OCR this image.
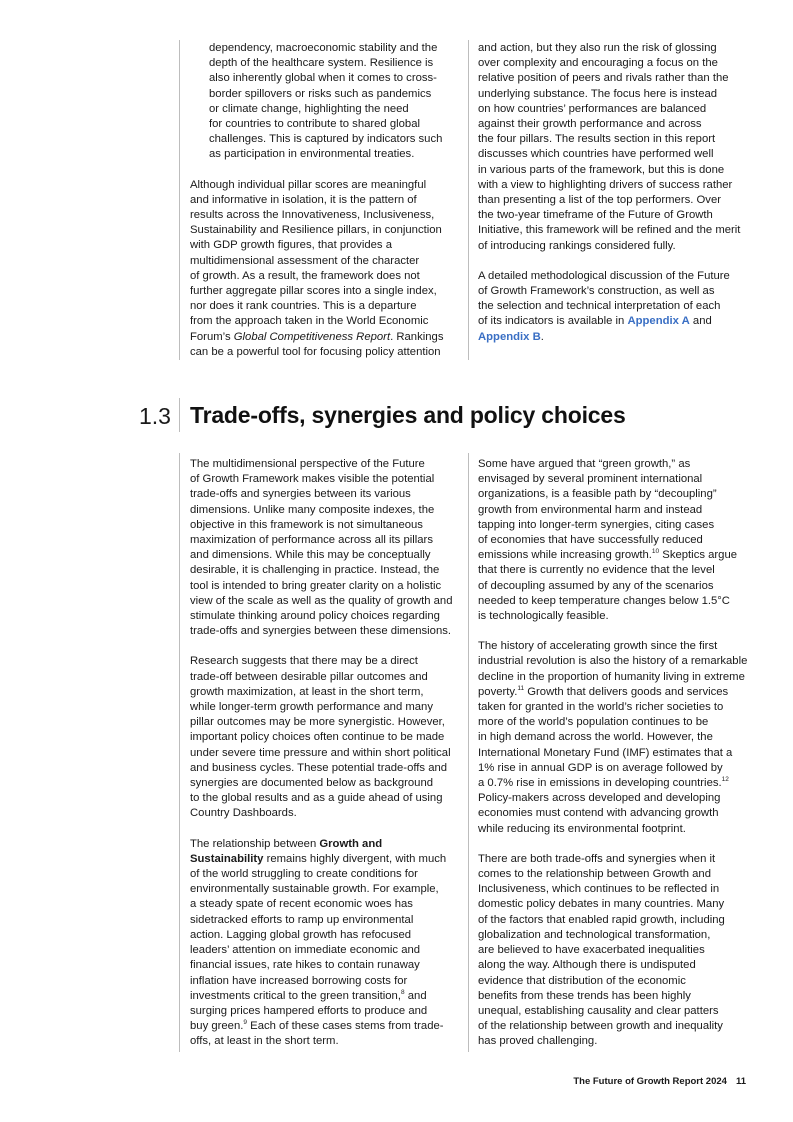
dependency, macroeconomic stability and the
depth of the healthcare system. Resilience is
also inherently global when it comes to cross-
border spillovers or risks such as pandemics
or climate change, highlighting the need
for countries to contribute to shared global
challenges. This is captured by indicators such
as participation in environmental treaties.

Although individual pillar scores are meaningful
and informative in isolation, it is the pattern of
results across the Innovativeness, Inclusiveness,
Sustainability and Resilience pillars, in conjunction
with GDP growth figures, that provides a
multidimensional assessment of the character
of growth. As a result, the framework does not
further aggregate pillar scores into a single index,
nor does it rank countries. This is a departure
from the approach taken in the World Economic
Forum’s Global Competitiveness Report. Rankings
can be a powerful tool for focusing policy attention

and action, but they also run the risk of glossing
over complexity and encouraging a focus on the
relative position of peers and rivals rather than the
underlying substance. The focus here is instead
on how countries’ performances are balanced
against their growth performance and across
the four pillars. The results section in this report
discusses which countries have performed well
in various parts of the framework, but this is done
with a view to highlighting drivers of success rather
than presenting a list of the top performers. Over
the two-year timeframe of the Future of Growth
Initiative, this framework will be refined and the merit
of introducing rankings considered fully.

A detailed methodological discussion of the Future
of Growth Framework’s construction, as well as
the selection and technical interpretation of each
of its indicators is available in Appendix A and
Appendix B.

1.3 Trade-offs, synergies and policy choices

The multidimensional perspective of the Future
of Growth Framework makes visible the potential
trade-offs and synergies between its various
dimensions. Unlike many composite indexes, the
objective in this framework is not simultaneous
maximization of performance across all its pillars
and dimensions. While this may be conceptually
desirable, it is challenging in practice. Instead, the
tool is intended to bring greater clarity on a holistic
view of the scale as well as the quality of growth and
stimulate thinking around policy choices regarding
trade-offs and synergies between these dimensions.

Research suggests that there may be a direct
trade-off between desirable pillar outcomes and
growth maximization, at least in the short term,
while longer-term growth performance and many
pillar outcomes may be more synergistic. However,
important policy choices often continue to be made
under severe time pressure and within short political
and business cycles. These potential trade-offs and
synergies are documented below as background
to the global results and as a guide ahead of using
Country Dashboards.

The relationship between Growth and
Sustainability remains highly divergent, with much
of the world struggling to create conditions for
environmentally sustainable growth. For example,
a steady spate of recent economic woes has
sidetracked efforts to ramp up environmental
action. Lagging global growth has refocused
leaders’ attention on immediate economic and
financial issues, rate hikes to contain runaway
inflation have increased borrowing costs for
investments critical to the green transition,$^8$ and
surging prices hampered efforts to produce and
buy green.$^9$ Each of these cases stems from trade-
offs, at least in the short term.

Some have argued that “green growth,” as
envisaged by several prominent international
organizations, is a feasible path by “decoupling”
growth from environmental harm and instead
tapping into longer-term synergies, citing cases
of economies that have successfully reduced
emissions while increasing growth.$^{10}$ Skeptics argue
that there is currently no evidence that the level
of decoupling assumed by any of the scenarios
needed to keep temperature changes below 1.5°C
is technologically feasible.

The history of accelerating growth since the first
industrial revolution is also the history of a remarkable
decline in the proportion of humanity living in extreme
poverty.$^{11}$ Growth that delivers goods and services
taken for granted in the world’s richer societies to
more of the world’s population continues to be
in high demand across the world. However, the
International Monetary Fund (IMF) estimates that a
1% rise in annual GDP is on average followed by
a 0.7% rise in emissions in developing countries.$^{12}$
Policy-makers across developed and developing
economies must contend with advancing growth
while reducing its environmental footprint.

There are both trade-offs and synergies when it
comes to the relationship between Growth and
Inclusiveness, which continues to be reflected in
domestic policy debates in many countries. Many
of the factors that enabled rapid growth, including
globalization and technological transformation,
are believed to have exacerbated inequalities
along the way. Although there is undisputed
evidence that distribution of the economic
benefits from these trends has been highly
unequal, establishing causality and clear patters
of the relationship between growth and inequality
has proved challenging.

The Future of Growth Report 2024 11
